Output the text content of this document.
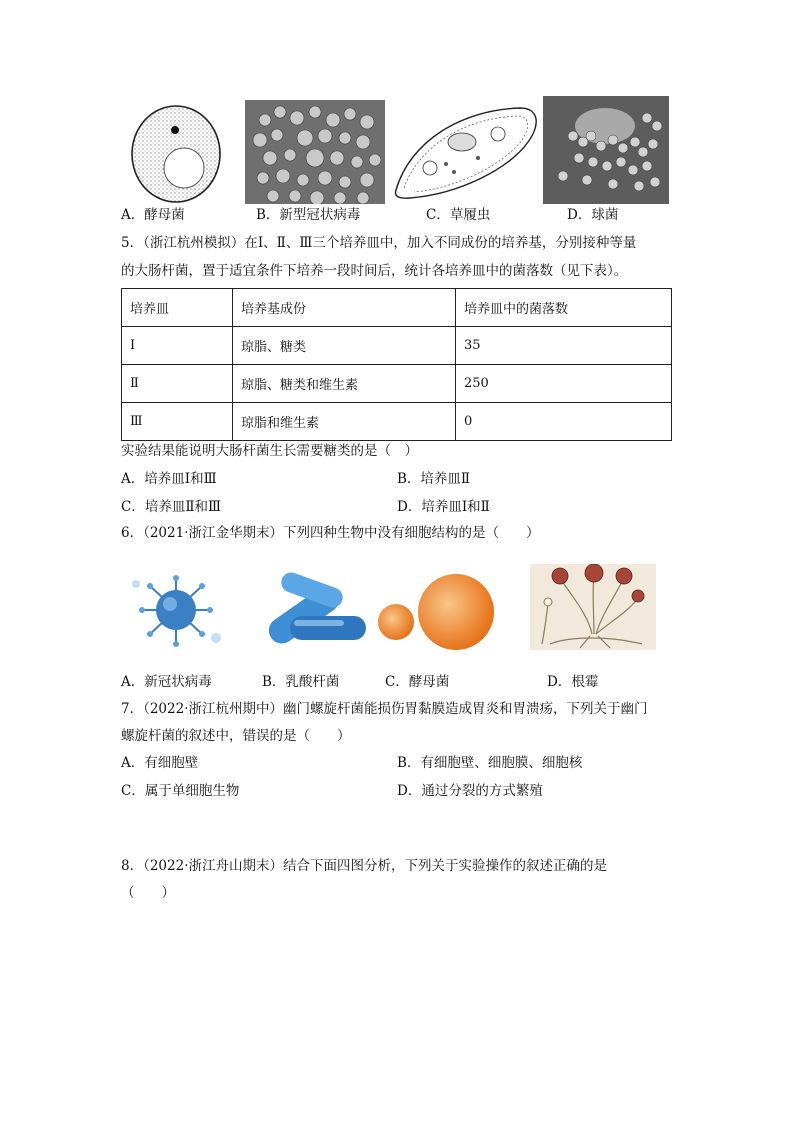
A．酵母菌	B．新型冠状病毒	C．草履虫	D．球菌
5．（浙江杭州模拟）在Ⅰ、Ⅱ、Ⅲ三个培养皿中，加入不同成份的培养基，分别接种等量
的大肠杆菌，置于适宜条件下培养一段时间后，统计各培养皿中的菌落数（见下表）。
培养皿	培养基成份	培养皿中的菌落数
Ⅰ	琼脂、糖类	35
Ⅱ	琼脂、糖类和维生素	250
Ⅲ	琼脂和维生素	0
实验结果能说明大肠杆菌生长需要糖类的是（　）
A．培养皿Ⅰ和Ⅲ	B．培养皿Ⅱ
C．培养皿Ⅱ和Ⅲ	D．培养皿Ⅰ和Ⅱ
6．（2021·浙江金华期末）下列四种生物中没有细胞结构的是（　　）
A．新冠状病毒	B．乳酸杆菌	C．酵母菌	D．根霉
7．（2022·浙江杭州期中）幽门螺旋杆菌能损伤胃黏膜造成胃炎和胃溃疡，下列关于幽门
螺旋杆菌的叙述中，错误的是（　　）
A．有细胞壁	B．有细胞壁、细胞膜、细胞核
C．属于单细胞生物	D．通过分裂的方式繁殖
8．（2022·浙江舟山期末）结合下面四图分析，下列关于实验操作的叙述正确的是
（　　）
